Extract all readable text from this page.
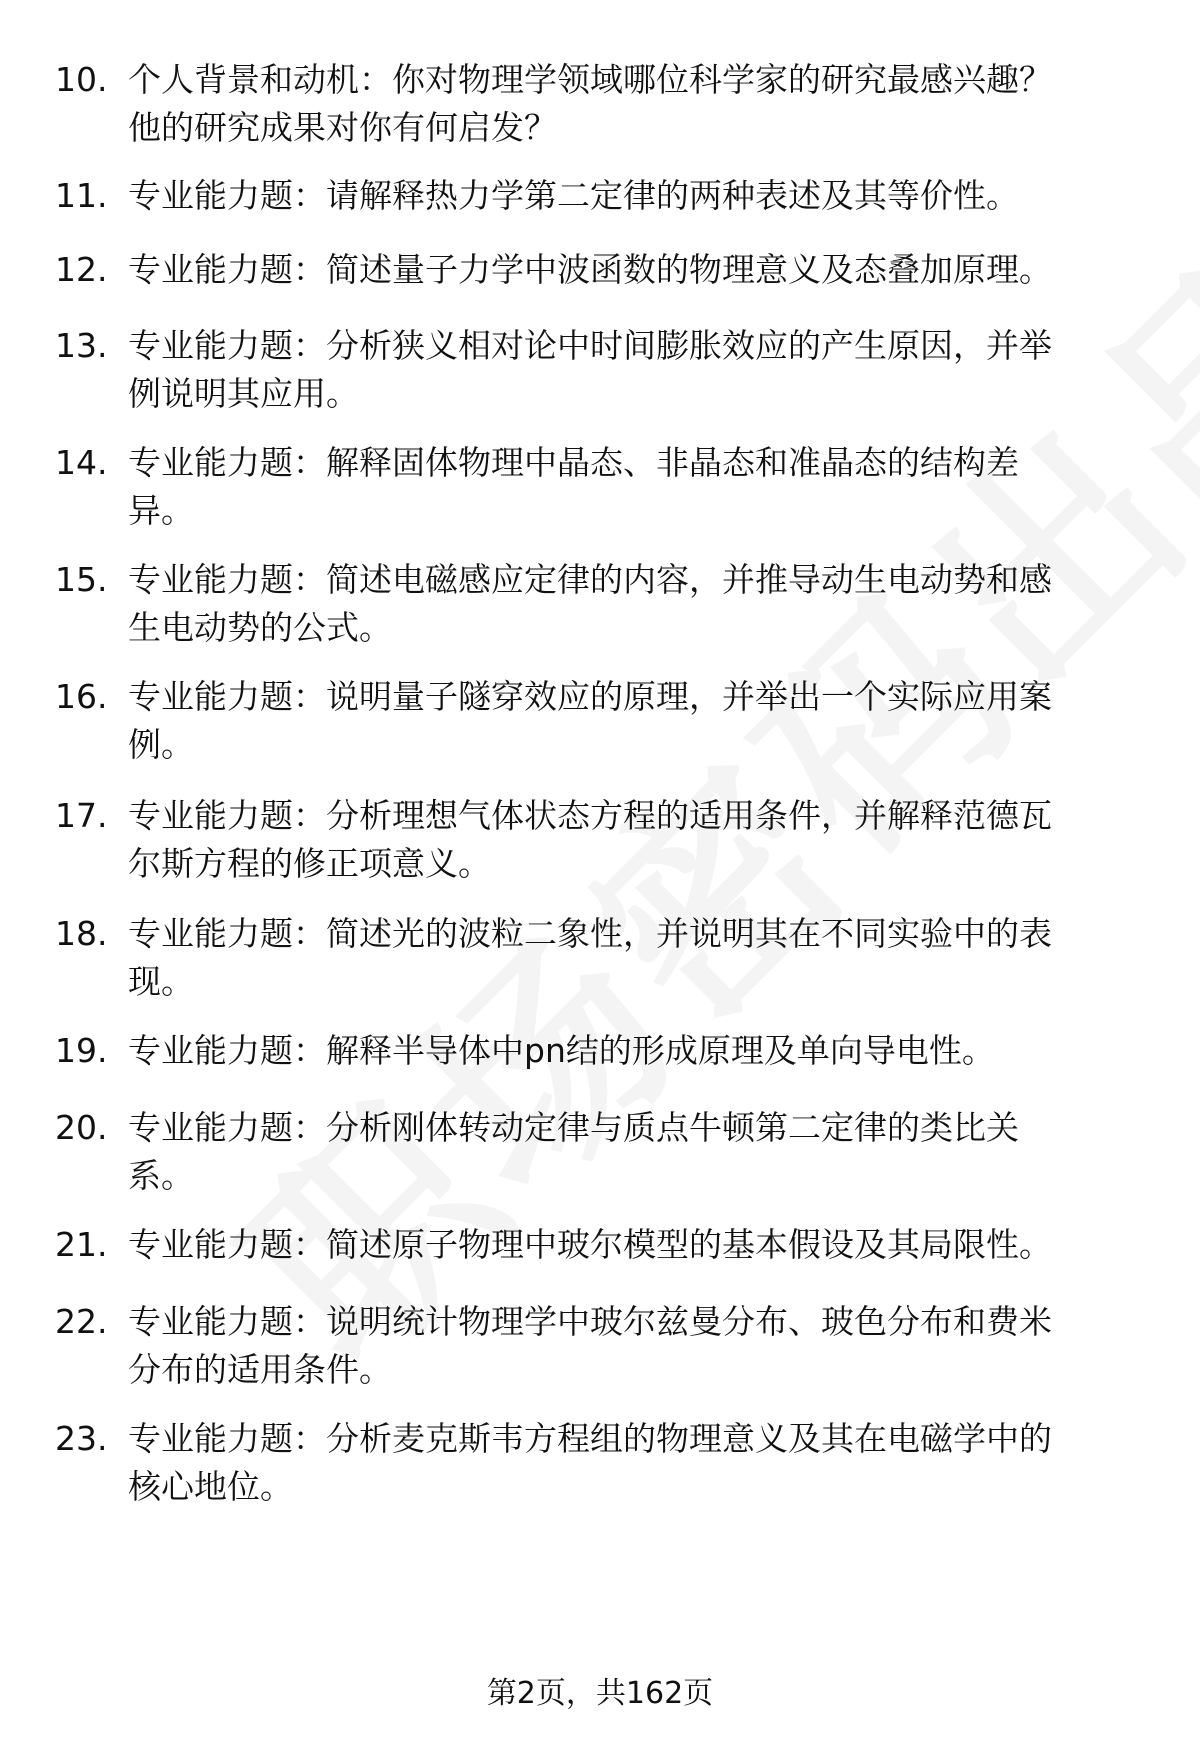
10. 个人背景和动机：你对物理学领域哪位科学家的研究最感兴趣？
他的研究成果对你有何启发？
11. 专业能力题：请解释热力学第二定律的两种表述及其等价性。
12. 专业能力题：简述量子力学中波函数的物理意义及态叠加原理。
13. 专业能力题：分析狭义相对论中时间膨胀效应的产生原因，并举
例说明其应用。
14. 专业能力题：解释固体物理中晶态、非晶态和准晶态的结构差
异。
15. 专业能力题：简述电磁感应定律的内容，并推导动生电动势和感
生电动势的公式。
16. 专业能力题：说明量子隧穿效应的原理，并举出一个实际应用案
例。
17. 专业能力题：分析理想气体状态方程的适用条件，并解释范德瓦
尔斯方程的修正项意义。
18. 专业能力题：简述光的波粒二象性，并说明其在不同实验中的表
现。
19. 专业能力题：解释半导体中pn结的形成原理及单向导电性。
20. 专业能力题：分析刚体转动定律与质点牛顿第二定律的类比关
系。
21. 专业能力题：简述原子物理中玻尔模型的基本假设及其局限性。
22. 专业能力题：说明统计物理学中玻尔兹曼分布、玻色分布和费米
分布的适用条件。
23. 专业能力题：分析麦克斯韦方程组的物理意义及其在电磁学中的
核心地位。
第2页，共162页
